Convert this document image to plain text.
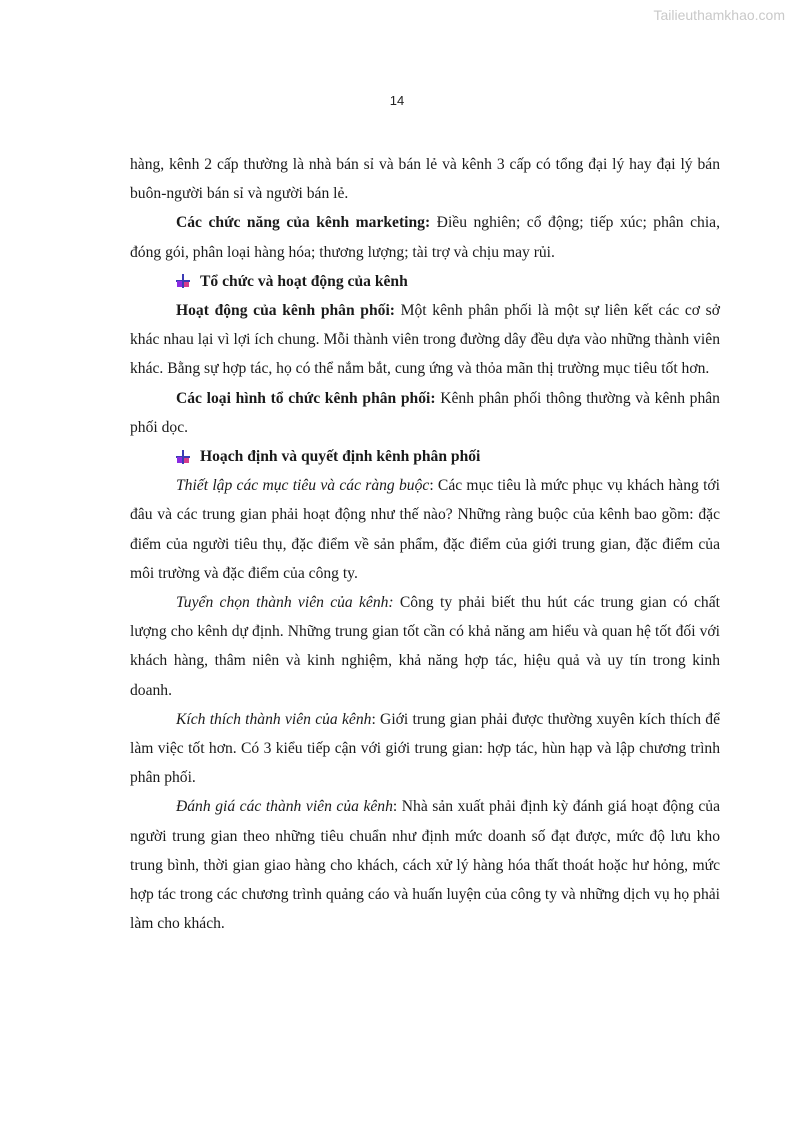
Tailieuthamkhao.com
14

hàng, kênh 2 cấp thường là nhà bán sỉ và bán lẻ và kênh 3 cấp có tổng đại lý hay đại lý bán buôn-người bán sỉ và người bán lẻ.

Các chức năng của kênh marketing: Điều nghiên; cổ động; tiếp xúc; phân chia, đóng gói, phân loại hàng hóa; thương lượng; tài trợ và chịu may rủi.

Tổ chức và hoạt động của kênh

Hoạt động của kênh phân phối: Một kênh phân phối là một sự liên kết các cơ sở khác nhau lại vì lợi ích chung. Mỗi thành viên trong đường dây đều dựa vào những thành viên khác. Bằng sự hợp tác, họ có thể nắm bắt, cung ứng và thỏa mãn thị trường mục tiêu tốt hơn.

Các loại hình tổ chức kênh phân phối: Kênh phân phối thông thường và kênh phân phối dọc.

Hoạch định và quyết định kênh phân phối

Thiết lập các mục tiêu và các ràng buộc: Các mục tiêu là mức phục vụ khách hàng tới đâu và các trung gian phải hoạt động như thế nào? Những ràng buộc của kênh bao gồm: đặc điểm của người tiêu thụ, đặc điểm về sản phẩm, đặc điểm của giới trung gian, đặc điểm của môi trường và đặc điểm của công ty.

Tuyển chọn thành viên của kênh: Công ty phải biết thu hút các trung gian có chất lượng cho kênh dự định. Những trung gian tốt cần có khả năng am hiểu và quan hệ tốt đối với khách hàng, thâm niên và kinh nghiệm, khả năng hợp tác, hiệu quả và uy tín trong kinh doanh.

Kích thích thành viên của kênh: Giới trung gian phải được thường xuyên kích thích để làm việc tốt hơn. Có 3 kiểu tiếp cận với giới trung gian: hợp tác, hùn hạp và lập chương trình phân phối.

Đánh giá các thành viên của kênh: Nhà sản xuất phải định kỳ đánh giá hoạt động của người trung gian theo những tiêu chuẩn như định mức doanh số đạt được, mức độ lưu kho trung bình, thời gian giao hàng cho khách, cách xử lý hàng hóa thất thoát hoặc hư hỏng, mức hợp tác trong các chương trình quảng cáo và huấn luyện của công ty và những dịch vụ họ phải làm cho khách.
